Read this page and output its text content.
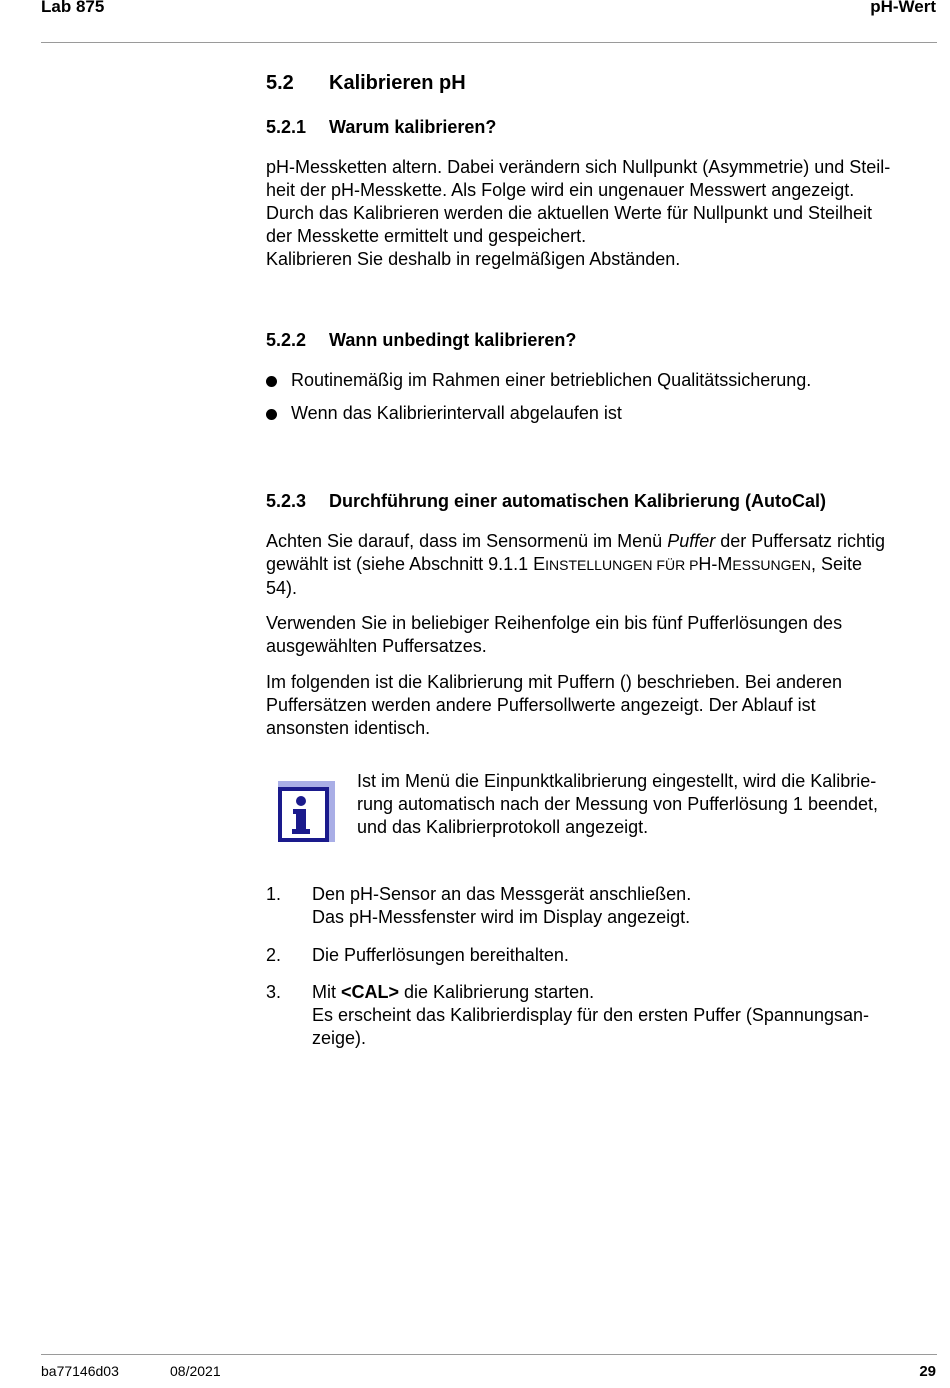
Lab 875	pH-Wert
5.2 Kalibrieren pH
5.2.1 Warum kalibrieren?
pH-Messketten altern. Dabei verändern sich Nullpunkt (Asymmetrie) und Steil-
heit der pH-Messkette. Als Folge wird ein ungenauer Messwert angezeigt.
Durch das Kalibrieren werden die aktuellen Werte für Nullpunkt und Steilheit
der Messkette ermittelt und gespeichert.
Kalibrieren Sie deshalb in regelmäßigen Abständen.
5.2.2 Wann unbedingt kalibrieren?
Routinemäßig im Rahmen einer betrieblichen Qualitätssicherung.
Wenn das Kalibrierintervall abgelaufen ist
5.2.3 Durchführung einer automatischen Kalibrierung (AutoCal)
Achten Sie darauf, dass im Sensormenü im Menü Puffer der Puffersatz richtig
gewählt ist (siehe Abschnitt 9.1.1 EINSTELLUNGEN FÜR PH-MESSUNGEN, Seite
54).
Verwenden Sie in beliebiger Reihenfolge ein bis fünf Pufferlösungen des
ausgewählten Puffersatzes.
Im folgenden ist die Kalibrierung mit Puffern () beschrieben. Bei anderen
Puffersätzen werden andere Puffersollwerte angezeigt. Der Ablauf ist
ansonsten identisch.
Ist im Menü die Einpunktkalibrierung eingestellt, wird die Kalibrie-
rung automatisch nach der Messung von Pufferlösung 1 beendet,
und das Kalibrierprotokoll angezeigt.
1. Den pH-Sensor an das Messgerät anschließen.
Das pH-Messfenster wird im Display angezeigt.
2. Die Pufferlösungen bereithalten.
3. Mit <CAL> die Kalibrierung starten.
Es erscheint das Kalibrierdisplay für den ersten Puffer (Spannungsan-
zeige).
ba77146d03	08/2021	29
